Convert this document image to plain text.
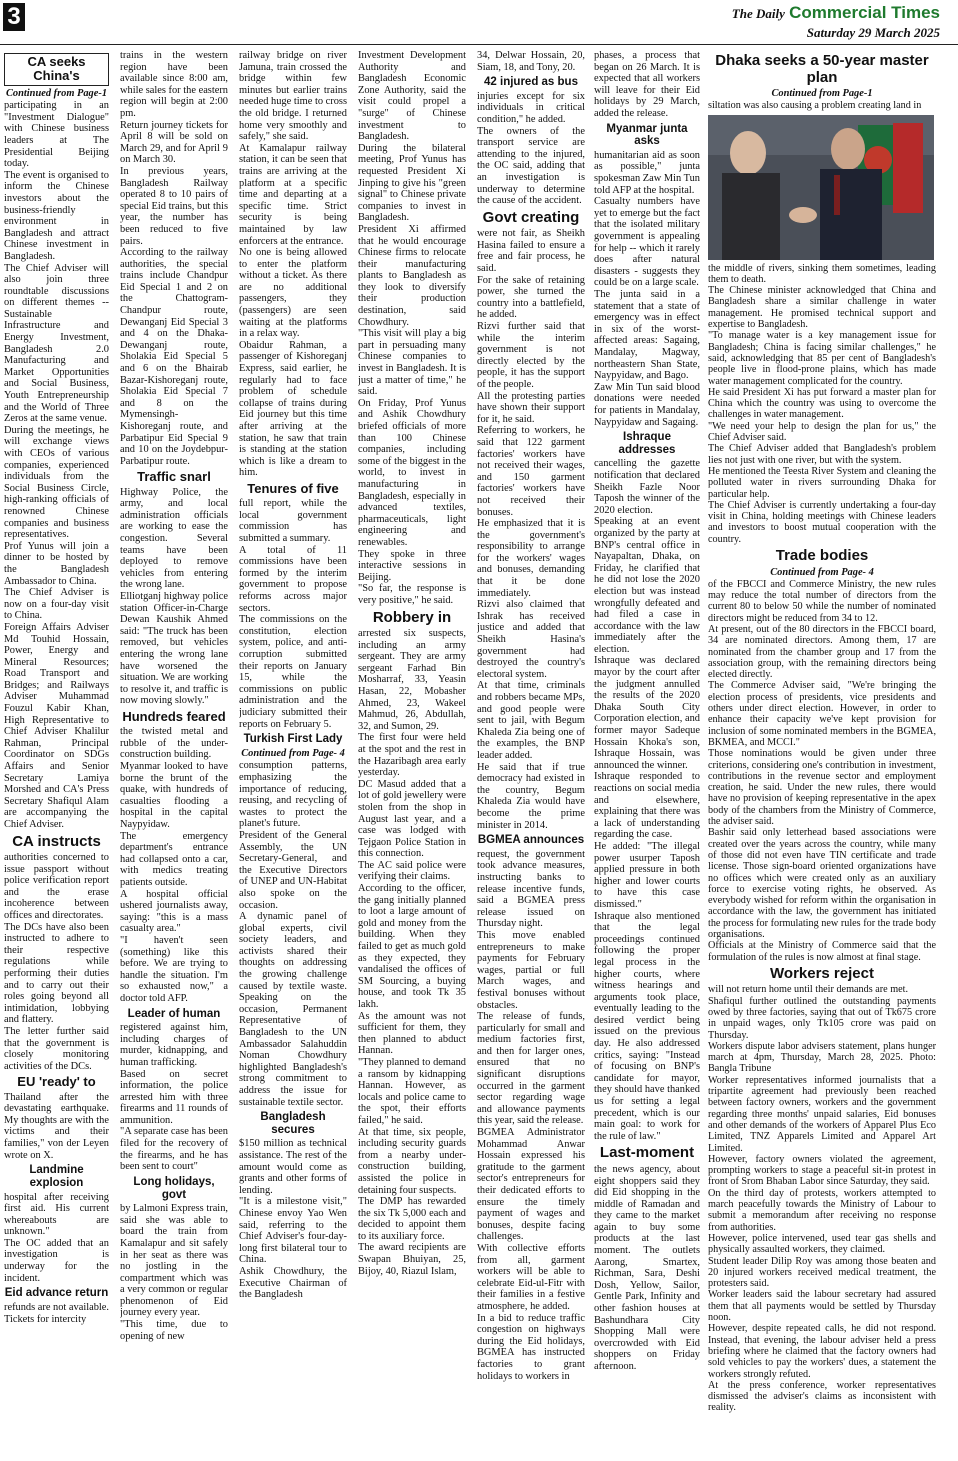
3	The Daily Commercial Times
Saturday 29 March 2025
CA seeks China's
Continued from Page-1

participating in an "Investment Dialogue" with Chinese business leaders at The Presidential Beijing today.

The event is organised to inform the Chinese investors about the business-friendly environment in Bangladesh and attract Chinese investment in Bangladesh.

The Chief Adviser will also join three roundtable discussions on different themes -- Sustainable Infrastructure and Energy Investment, Bangladesh 2.0 Manufacturing and Market Opportunities and Social Business, Youth Entrepreneurship and the World of Three Zeros at the same venue.

During the meetings, he will exchange views with CEOs of various companies, experienced individuals from the Social Business Circle, high-ranking officials of renowned Chinese companies and business representatives.

Prof Yunus will join a dinner to be hosted by the Bangladesh Ambassador to China.

The Chief Adviser is now on a four-day visit to China.

Foreign Affairs Adviser Md Touhid Hossain, Power, Energy and Mineral Resources; Road Transport and Bridges; and Railways Adviser Muhammad Fouzul Kabir Khan, High Representative to Chief Adviser Khalilur Rahman, Principal Coordinator on SDGs Affairs and Senior Secretary Lamiya Morshed and CA's Press Secretary Shafiqul Alam are accompanying the Chief Adviser.

CA instructs

authorities concerned to issue passport without police verification report and the erase incoherence between offices and directorates.

The DCs have also been instructed to adhere to their respective regulations while performing their duties and to carry out their roles going beyond all intimidation, lobbying and flattery.

The letter further said that the government is closely monitoring activities of the DCs.

EU 'ready' to

Thailand after the devastating earthquake. My thoughts are with the victims and their families," von der Leyen wrote on X.

Landmine explosion

hospital after receiving first aid. His current whereabouts are unknown."

The OC added that an investigation is underway for the incident.

Eid advance return

refunds are not available.

Tickets for intercity

trains in the western region have been available since 8:00 am, while sales for the eastern region will begin at 2:00 pm.

Return journey tickets for April 8 will be sold on March 29, and for April 9 on March 30.

In previous years, Bangladesh Railway operated 8 to 10 pairs of special Eid trains, but this year, the number has been reduced to five pairs.

According to the railway authorities, the special trains include Chandpur Eid Special 1 and 2 on the Chattogram-Chandpur route, Dewanganj Eid Special 3 and 4 on the Dhaka-Dewanganj route, Sholakia Eid Special 5 and 6 on the Bhairab Bazar-Kishoreganj route, Sholakia Eid Special 7 and 8 on the Mymensingh-Kishoreganj route, and Parbatipur Eid Special 9 and 10 on the Joydebpur-Parbatipur route.

Traffic snarl

Highway Police, the army, and local administration officials are working to ease the congestion. Several teams have been deployed to remove vehicles from entering the wrong lane.

Elliotganj highway police station Officer-in-Charge Dewan Kaushik Ahmed said: "The truck has been removed, but vehicles entering the wrong lane have worsened the situation. We are working to resolve it, and traffic is now moving slowly."

Hundreds feared

the twisted metal and rubble of the under-construction building.

Myanmar looked to have borne the brunt of the quake, with hundreds of casualties flooding a hospital in the capital Naypyidaw.

The emergency department's entrance had collapsed onto a car, with medics treating patients outside.

A hospital official ushered journalists away, saying: "this is a mass casualty area."

"I haven't seen (something) like this before. We are trying to handle the situation. I'm so exhausted now," a doctor told AFP.

Leader of human

registered against him, including charges of murder, kidnapping, and human trafficking.

Based on secret information, the police arrested him with three firearms and 11 rounds of ammunition.

"A separate case has been filed for the recovery of the firearms, and he has been sent to court"

Long holidays, govt

by Lalmoni Express train, said she was able to board the train from Kamalapur and sit safely in her seat as there was no jostling in the compartment which was a very common or regular phenomenon of Eid journey every year.

"This time, due to opening of new

railway bridge on river Jamuna, train crossed the bridge within few minutes but earlier trains needed huge time to cross the old bridge. I returned home very smoothly and safely," she said.

At Kamalapur railway station, it can be seen that trains are arriving at the platform at a specific time and departing at a specific time. Strict security is being maintained by law enforcers at the entrance.

No one is being allowed to enter the platform without a ticket. As there are no additional passengers, they (passengers) are seen waiting at the platforms in a relax way.

Obaidur Rahman, a passenger of Kishoreganj Express, said earlier, he regularly had to face problem of schedule collapse of trains during Eid journey but this time after arriving at the station, he saw that train is standing at the station which is like a dream to him.

Tenures of five

full report, while the local government commission has submitted a summary.

A total of 11 commissions have been formed by the interim government to propose reforms across major sectors.

The commissions on the constitution, election system, police, and anti-corruption submitted their reports on January 15, while the commissions on public administration and the judiciary submitted their reports on February 5.

Turkish First Lady
Continued from Page- 4

consumption patterns, emphasizing the importance of reducing, reusing, and recycling of wastes to protect the planet's future.

President of the General Assembly, the UN Secretary-General, and the Executive Directors of UNEP and UN-Habitat also spoke on the occasion.

A dynamic panel of global experts, civil society leaders, and activists shared their thoughts on addressing the growing challenge caused by textile waste. Speaking on the occasion, Permanent Representative of Bangladesh to the UN Ambassador Salahuddin Noman Chowdhury highlighted Bangladesh's strong commitment to address the issue for sustainable textile sector.

Bangladesh secures

$150 million as technical assistance. The rest of the amount would come as grants and other forms of lending.

"It is a milestone visit," Chinese envoy Yao Wen said, referring to the Chief Adviser's four-day-long first bilateral tour to China.

Ashik Chowdhury, the Executive Chairman of the Bangladesh

Investment Development Authority and Bangladesh Economic Zone Authority, said the visit could propel a "surge" of Chinese investment to Bangladesh.

During the bilateral meeting, Prof Yunus has requested President Xi Jinping to give his "green signal" to Chinese private companies to invest in Bangladesh.

President Xi affirmed that he would encourage Chinese firms to relocate their manufacturing plants to Bangladesh as they look to diversify their production destination, said Chowdhury.

"This visit will play a big part in persuading many Chinese companies to invest in Bangladesh. It is just a matter of time," he said.

On Friday, Prof Yunus and Ashik Chowdhury briefed officials of more than 100 Chinese companies, including some of the biggest in the world, to invest in manufacturing in Bangladesh, especially in advanced textiles, pharmaceuticals, light engineering and renewables.

They spoke in three interactive sessions in Beijing.

"So far, the response is very positive," he said.

Robbery in

arrested six suspects, including an army sergeant. They are army sergeant Farhad Bin Mosharraf, 33, Yeasin Hasan, 22, Mobasher Ahmed, 23, Wakeel Mahmud, 26, Abdullah, 32, and Sumon, 29.

The first four were held at the spot and the rest in the Hazaribagh area early yesterday.

DC Masud added that a lot of gold jewellery were stolen from the shop in August last year, and a case was lodged with Tejgaon Police Station in this connection.

The AC said police were verifying their claims.

According to the officer, the gang initially planned to loot a large amount of gold and money from the building. When they failed to get as much gold as they expected, they vandalised the offices of SM Sourcing, a buying house, and took Tk 35 lakh.

As the amount was not sufficient for them, they then planned to abduct Hannan.

"They planned to demand a ransom by kidnapping Hannan. However, as locals and police came to the spot, their efforts failed," he said.

At that time, six people, including security guards from a nearby under-construction building, assisted the police in detaining four suspects.

The DMP has rewarded the six Tk 5,000 each and decided to appoint them to its auxiliary force.

The award recipients are Swapan Bhuiyan, 25, Bijoy, 40, Riazul Islam,

34, Delwar Hossain, 20, Siam, 18, and Tony, 20.

42 injured as bus

injuries except for six individuals in critical condition," he added.

The owners of the transport service are attending to the injured, the OC said, adding that an investigation is underway to determine the cause of the accident.

Govt creating

were not fair, as Sheikh Hasina failed to ensure a free and fair process, he said.

For the sake of retaining power, she turned the country into a battlefield, he added.

Rizvi further said that while the interim government is not directly elected by the people, it has the support of the people.

All the protesting parties have shown their support for it, he said.

Referring to workers, he said that 122 garment factories' workers have not received their wages, and 150 garment factories' workers have not received their bonuses.

He emphasized that it is the government's responsibility to arrange for the workers' wages and bonuses, demanding that it be done immediately.

Rizvi also claimed that Ishrak has received justice and added that Sheikh Hasina's government had destroyed the country's electoral system.

At that time, criminals and robbers became MPs, and good people were sent to jail, with Begum Khaleda Zia being one of the examples, the BNP leader added.

He said that if true democracy had existed in the country, Begum Khaleda Zia would have become the prime minister in 2014.

BGMEA announces

request, the government took advance measures, instructing banks to release incentive funds, said a BGMEA press release issued on Thursday night.

This move enabled entrepreneurs to make payments for February wages, partial or full March wages, and festival bonuses without obstacles.

The release of funds, particularly for small and medium factories first, and then for larger ones, ensured that no significant disruptions occurred in the garment sector regarding wage and allowance payments this year, said the release.

BGMEA Administrator Mohammad Anwar Hossain expressed his gratitude to the garment sector's entrepreneurs for their dedicated efforts to ensure the timely payment of wages and bonuses, despite facing challenges.

With collective efforts from all, garment workers will be able to celebrate Eid-ul-Fitr with their families in a festive atmosphere, he added.

In a bid to reduce traffic congestion on highways during the Eid holidays, BGMEA has instructed factories to grant holidays to workers in

phases, a process that began on 26 March. It is expected that all workers will leave for their Eid holidays by 29 March, added the release.

Myanmar junta asks

humanitarian aid as soon as possible," junta spokesman Zaw Min Tun told AFP at the hospital.

Casualty numbers have yet to emerge but the fact that the isolated military government is appealing for help -- which it rarely does after natural disasters - suggests they could be on a large scale.

The junta said in a statement that a state of emergency was in effect in six of the worst-affected areas: Sagaing, Mandalay, Magway, northeastern Shan State, Naypyidaw, and Bago.

Zaw Min Tun said blood donations were needed for patients in Mandalay, Naypyidaw and Sagaing.

Ishraque addresses

cancelling the gazette notification that declared Sheikh Fazle Noor Taposh the winner of the 2020 election.

Speaking at an event organized by the party at BNP's central office in Nayapaltan, Dhaka, on Friday, he clarified that he did not lose the 2020 election but was instead wrongfully defeated and had filed a case in accordance with the law immediately after the election.

Ishraque was declared mayor by the court after the judgment annulled the results of the 2020 Dhaka South City Corporation election, and former mayor Sadeque Hossain Khoka's son, Ishraque Hossain, was announced the winner.

Ishraque responded to reactions on social media and elsewhere, explaining that there was a lack of understanding regarding the case.

He added: "The illegal power usurper Taposh applied pressure in both higher and lower courts to have this case dismissed."

Ishraque also mentioned that the legal proceedings continued following the proper legal process in the higher courts, where witness hearings and arguments took place, eventually leading to the desired verdict being issued on the previous day. He also addressed critics, saying: "Instead of focusing on BNP's candidate for mayor, they should have thanked us for setting a legal precedent, which is our main goal: to work for the rule of law."

Last-moment

the news agency, about eight shoppers said they did Eid shopping in the middle of Ramadan and they came to the market again to buy some products at the last moment. The outlets Aarong, Smartex, Richman, Sara, Deshi Dosh, Yellow, Sailor, Gentle Park, Infinity and other fashion houses at Bashundhara City Shopping Mall were overcrowded with Eid shoppers on Friday afternoon.

Dhaka seeks a 50-year master plan
Continued from Page-1

siltation was also causing a problem creating land in

the middle of rivers, sinking them sometimes, leading them to death.

The Chinese minister acknowledged that China and Bangladesh share a similar challenge in water management. He promised technical support and expertise to Bangladesh.

"To manage water is a key management issue for Bangladesh; China is facing similar challenges," he said, acknowledging that 85 per cent of Bangladesh's people live in flood-prone plains, which has made water management complicated for the country.

He said President Xi has put forward a master plan for China which the country was using to overcome the challenges in water management.

"We need your help to design the plan for us," the Chief Adviser said.

The Chief Adviser added that Bangladesh's problem lies not just with one river, but with the system.

He mentioned the Teesta River System and cleaning the polluted water in rivers surrounding Dhaka for particular help.

The Chief Adviser is currently undertaking a four-day visit in China, holding meetings with Chinese leaders and investors to boost mutual cooperation with the country.

Trade bodies
Continued from Page- 4

of the FBCCI and Commerce Ministry, the new rules may reduce the total number of directors from the current 80 to below 50 while the number of nominated directors might be reduced from 34 to 12.

At present, out of the 80 directors in the FBCCI board, 34 are nominated directors. Among them, 17 are nominated from the chamber group and 17 from the association group, with the remaining directors being elected directly.

The Commerce Adviser said, "We're bringing the election process of presidents, vice presidents and others under direct election. However, in order to enhance their capacity we've kept provision for inclusion of some nominated members in the BGMEA, BKMEA, and MCCI."

Those nominations would be given under three criterions, considering one's contribution in investment, contributions in the revenue sector and employment creation, he said. Under the new rules, there would have no provision of keeping representative in the apex body of the chambers from the Ministry of Commerce, the adviser said.

Bashir said only letterhead based associations were created over the years across the country, while many of those did not even have TIN certificate and trade license. Those sign-board oriented organizations have no offices which were created only as an auxiliary force to exercise voting rights, he observed. As everybody wished for reform within the organisation in accordance with the law, the government has initiated the process for formulating new rules for the trade body organisations.

Officials at the Ministry of Commerce said that the formulation of the rules is now almost at final stage.

Workers reject

will not return home until their demands are met.

Shafiqul further outlined the outstanding payments owed by three factories, saying that out of Tk675 crore in unpaid wages, only Tk105 crore was paid on Thursday.

Workers dispute labor advisers statement, plans hunger march at 4pm, Thursday, March 28, 2025. Photo: Bangla Tribune

Worker representatives informed journalists that a tripartite agreement had previously been reached between factory owners, workers and the government regarding three months' unpaid salaries, Eid bonuses and other demands of the workers of Apparel Plus Eco Limited, TNZ Apparels Limited and Apparel Art Limited.

However, factory owners violated the agreement, prompting workers to stage a peaceful sit-in protest in front of Srom Bhaban Labor since Saturday, they said.

On the third day of protests, workers attempted to march peacefully towards the Ministry of Labour to submit a memorandum after receiving no response from authorities.

However, police intervened, used tear gas shells and physically assaulted workers, they claimed.

Student leader Dilip Roy was among those beaten and 20 injured workers received medical treatment, the protesters said.

Worker leaders said the labour secretary had assured them that all payments would be settled by Thursday noon.

However, despite repeated calls, he did not respond. Instead, that evening, the labour adviser held a press briefing where he claimed that the factory owners had sold vehicles to pay the workers' dues, a statement the workers strongly refuted.

At the press conference, worker representatives dismissed the adviser's claims as inconsistent with reality.
